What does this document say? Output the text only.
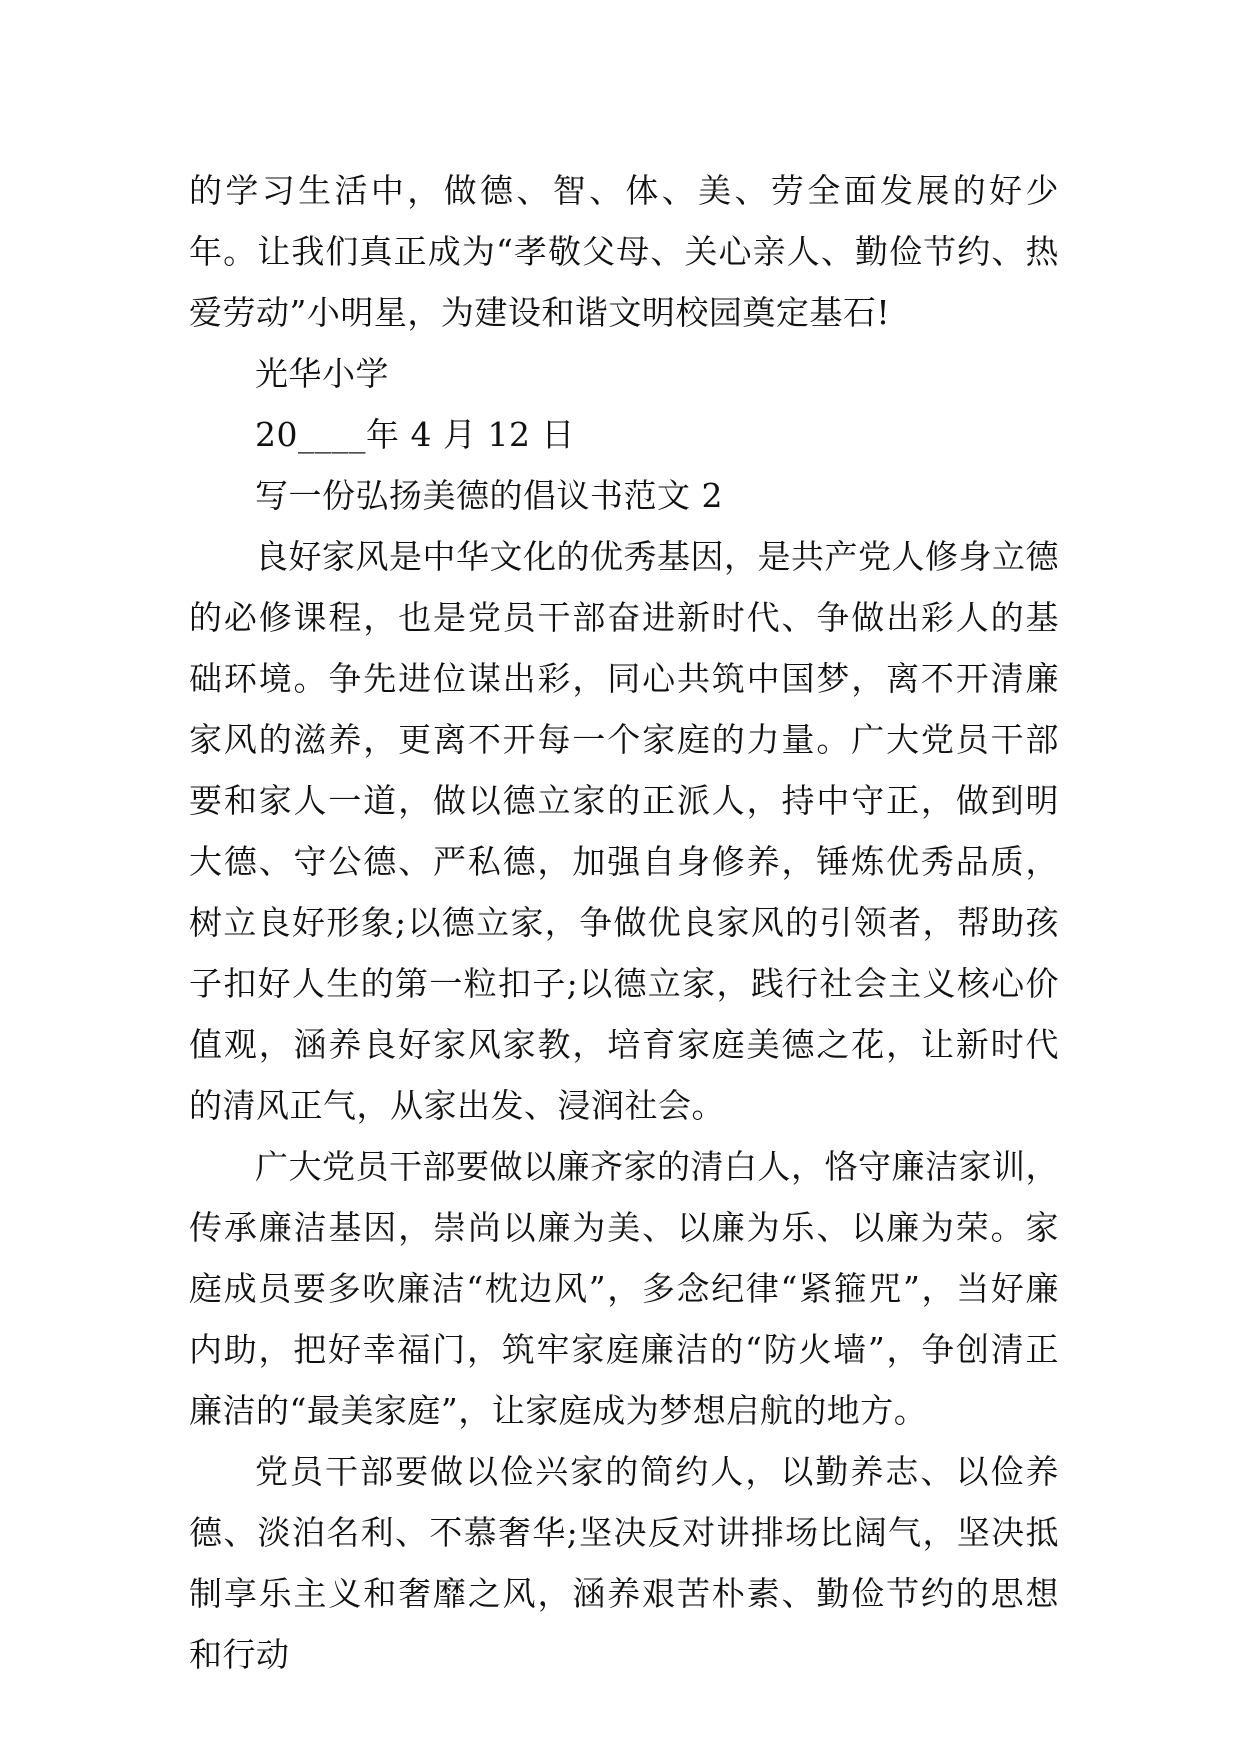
的学习生活中，做德、智、体、美、劳全面发展的好少年。让我们真正成为“孝敬父母、关心亲人、勤俭节约、热爱劳动”小明星，为建设和谐文明校园奠定基石!

光华小学

20____年 4 月 12 日

写一份弘扬美德的倡议书范文 2

良好家风是中华文化的优秀基因，是共产党人修身立德的必修课程，也是党员干部奋进新时代、争做出彩人的基础环境。争先进位谋出彩，同心共筑中国梦，离不开清廉家风的滋养，更离不开每一个家庭的力量。广大党员干部要和家人一道，做以德立家的正派人，持中守正，做到明大德、守公德、严私德，加强自身修养，锤炼优秀品质，树立良好形象;以德立家，争做优良家风的引领者，帮助孩子扣好人生的第一粒扣子;以德立家，践行社会主义核心价值观，涵养良好家风家教，培育家庭美德之花，让新时代的清风正气，从家出发、浸润社会。

广大党员干部要做以廉齐家的清白人，恪守廉洁家训，传承廉洁基因，崇尚以廉为美、以廉为乐、以廉为荣。家庭成员要多吹廉洁“枕边风”，多念纪律“紧箍咒”，当好廉内助，把好幸福门，筑牢家庭廉洁的“防火墙”，争创清正廉洁的“最美家庭”，让家庭成为梦想启航的地方。

党员干部要做以俭兴家的简约人，以勤养志、以俭养德、淡泊名利、不慕奢华;坚决反对讲排场比阔气，坚决抵制享乐主义和奢靡之风，涵养艰苦朴素、勤俭节约的思想和行动
